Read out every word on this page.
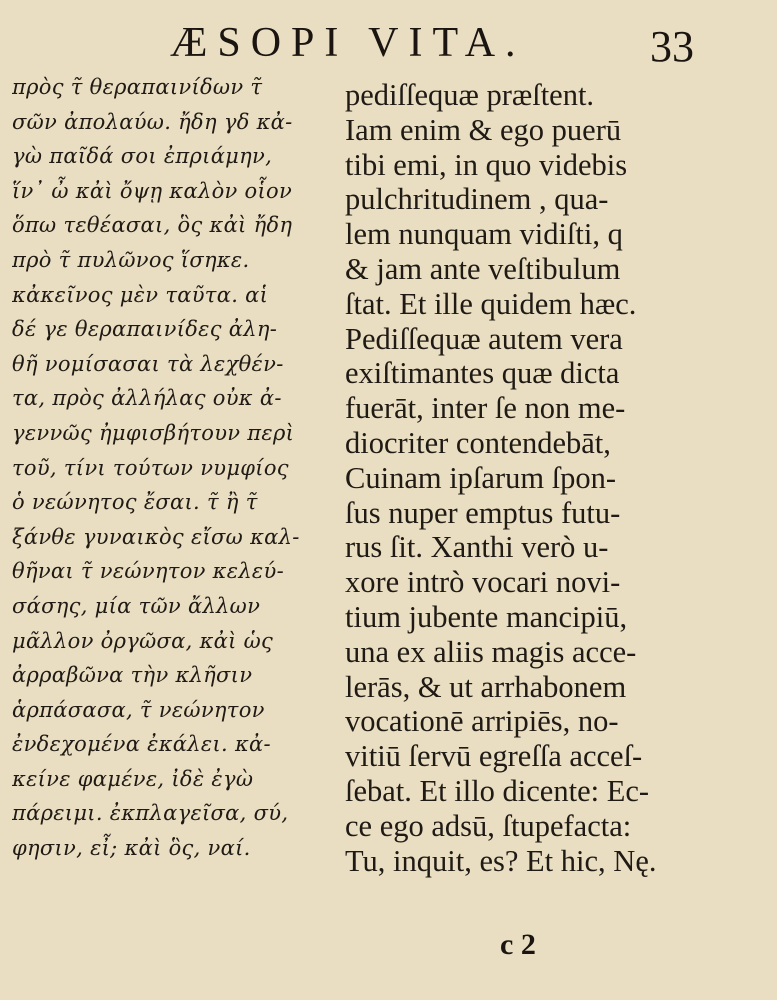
ÆSOPI VITA.	33
πρὸς τ̃ θεραπαινίδων τ̃
σῶν ἀπολαύω. ἤδη γδ κἀ-
γὼ παῖδά σοι ἐπριάμην,
ἵν᾽ ὦ κἀὶ ὄψῃ καλὸν οἷον
ὅπω τεθέασαι, ὃς κἀὶ ἤδη
πρὸ τ̃ πυλῶνος ἵσηκε.
κἀκεῖνος μὲν ταῦτα. αἱ
δέ γε θεραπαινίδες ἀλη-
θῆ νομίσασαι τὰ λεχθέν-
τα, πρὸς ἀλλήλας οὐκ ἀ-
γεννῶς ἠμφισβήτουν περὶ
τοῦ, τίνι τούτων νυμφίος
ὁ νεώνητος ἔσαι. τ̃ ἢ τ̃
ξάνθε γυναικὸς εἴσω καλ-
θῆναι τ̃ νεώνητον κελεύ-
σάσης, μία τῶν ἄλλων
μᾶλλον ὀργῶσα, κἀὶ ὡς
ἀρραβῶνα τὴν κλῆσιν
ἁρπάσασα, τ̃ νεώνητον
ἐνδεχομένα ἐκάλει. κἀ-
κείνε φαμένε, ἰδὲ ἐγὼ
πάρειμι. ἐκπλαγεῖσα, σύ,
φησιν, εἶ; κἀὶ ὃς, ναί.
pediſſequæ præſtent.
Iam enim & ego puerū
tibi emi, in quo videbis
pulchritudinem , qua-
lem nunquam vidiſti, q
& jam ante veſtibulum
ſtat. Et ille quidem hæc.
Pediſſequæ autem vera
exiſtimantes quæ dicta
fuerāt, inter ſe non me-
diocriter contendebāt,
Cuinam ipſarum ſpon-
ſus nuper emptus futu-
rus ſit. Xanthi verò u-
xore intrò vocari novi-
tium jubente mancipiū,
una ex aliis magis acce-
lerās, & ut arrhabonem
vocationē arripiēs, no-
vitiū ſervū egreſſa acceſ-
ſebat. Et illo dicente: Ec-
ce ego adsū, ſtupefacta:
Tu, inquit, es? Et hic, Nę.
c 2
